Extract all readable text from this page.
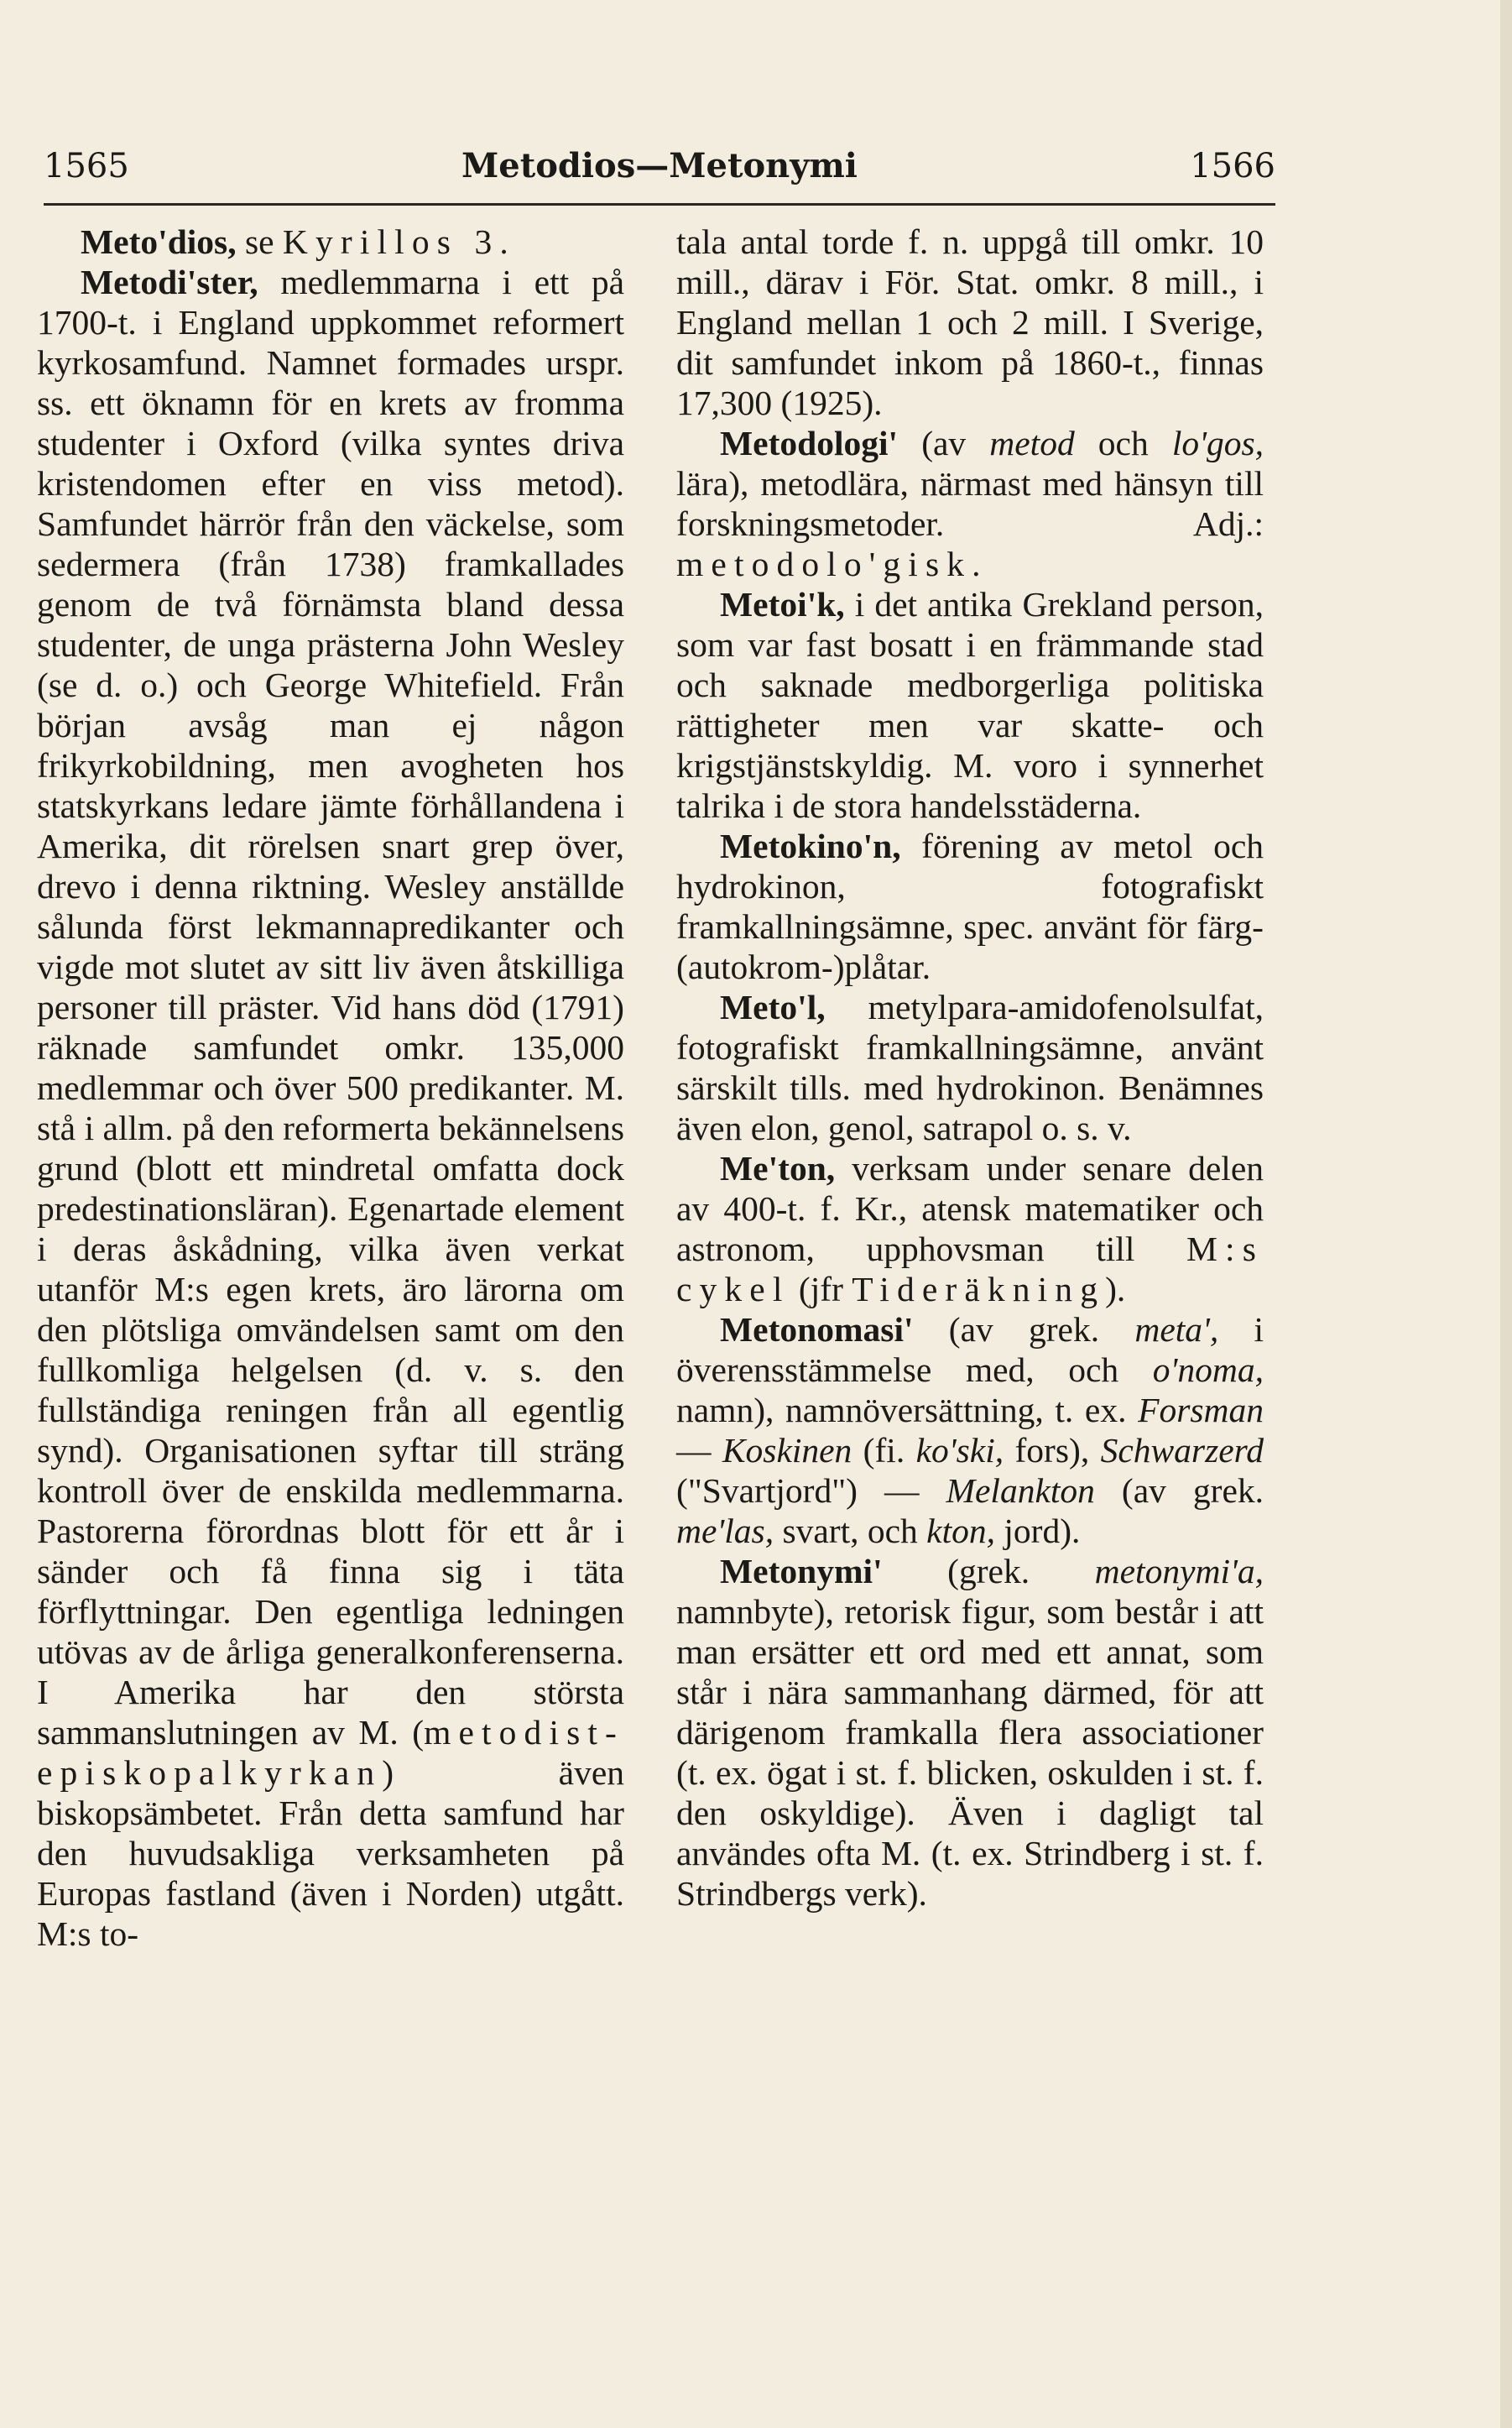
1565	Metodios—Metonymi	1566

Meto'dios, se Kyrillos 3.

Metodi'ster, medlemmarna i ett på 1700-t. i England uppkommet reformert kyrkosamfund. Namnet formades urspr. ss. ett öknamn för en krets av fromma studenter i Oxford (vilka syntes driva kristendomen efter en viss metod). Samfundet härrör från den väckelse, som sedermera (från 1738) framkallades genom de två förnämsta bland dessa studenter, de unga prästerna John Wesley (se d. o.) och George Whitefield. Från början avsåg man ej någon frikyrkobildning, men avogheten hos statskyrkans ledare jämte förhållandena i Amerika, dit rörelsen snart grep över, drevo i denna riktning. Wesley anställde sålunda först lekmannapredikanter och vigde mot slutet av sitt liv även åtskilliga personer till präster. Vid hans död (1791) räknade samfundet omkr. 135,000 medlemmar och över 500 predikanter. M. stå i allm. på den reformerta bekännelsens grund (blott ett mindretal omfatta dock predestinationsläran). Egenartade element i deras åskådning, vilka även verkat utanför M:s egen krets, äro lärorna om den plötsliga omvändelsen samt om den fullkomliga helgelsen (d. v. s. den fullständiga reningen från all egentlig synd). Organisationen syftar till sträng kontroll över de enskilda medlemmarna. Pastorerna förordnas blott för ett år i sänder och få finna sig i täta förflyttningar. Den egentliga ledningen utövas av de årliga generalkonferenserna. I Amerika har den största sammanslutningen av M. (metodist-episkopalkyrkan) även biskopsämbetet. Från detta samfund har den huvudsakliga verksamheten på Europas fastland (även i Norden) utgått. M:s to-

tala antal torde f. n. uppgå till omkr. 10 mill., därav i För. Stat. omkr. 8 mill., i England mellan 1 och 2 mill. I Sverige, dit samfundet inkom på 1860-t., finnas 17,300 (1925).

Metodologi' (av metod och lo'gos, lära), metodlära, närmast med hänsyn till forskningsmetoder. Adj.: metodolo'gisk.

Metoi'k, i det antika Grekland person, som var fast bosatt i en främmande stad och saknade medborgerliga politiska rättigheter men var skatte- och krigstjänstskyldig. M. voro i synnerhet talrika i de stora handelsstäderna.

Metokino'n, förening av metol och hydrokinon, fotografiskt framkallningsämne, spec. använt för färg-(autokrom-)plåtar.

Meto'l, metylpara-amidofenolsulfat, fotografiskt framkallningsämne, använt särskilt tills. med hydrokinon. Benämnes även elon, genol, satrapol o. s. v.

Me'ton, verksam under senare delen av 400-t. f. Kr., atensk matematiker och astronom, upphovsman till M:s cykel (jfr Tideräkning).

Metonomasi' (av grek. meta', i överensstämmelse med, och o'noma, namn), namnöversättning, t. ex. Forsman — Koskinen (fi. ko'ski, fors), Schwarzerd ("Svartjord") — Melankton (av grek. me'las, svart, och kton, jord).

Metonymi' (grek. metonymi'a, namnbyte), retorisk figur, som består i att man ersätter ett ord med ett annat, som står i nära sammanhang därmed, för att därigenom framkalla flera associationer (t. ex. ögat i st. f. blicken, oskulden i st. f. den oskyldige). Även i dagligt tal användes ofta M. (t. ex. Strindberg i st. f. Strindbergs verk).
